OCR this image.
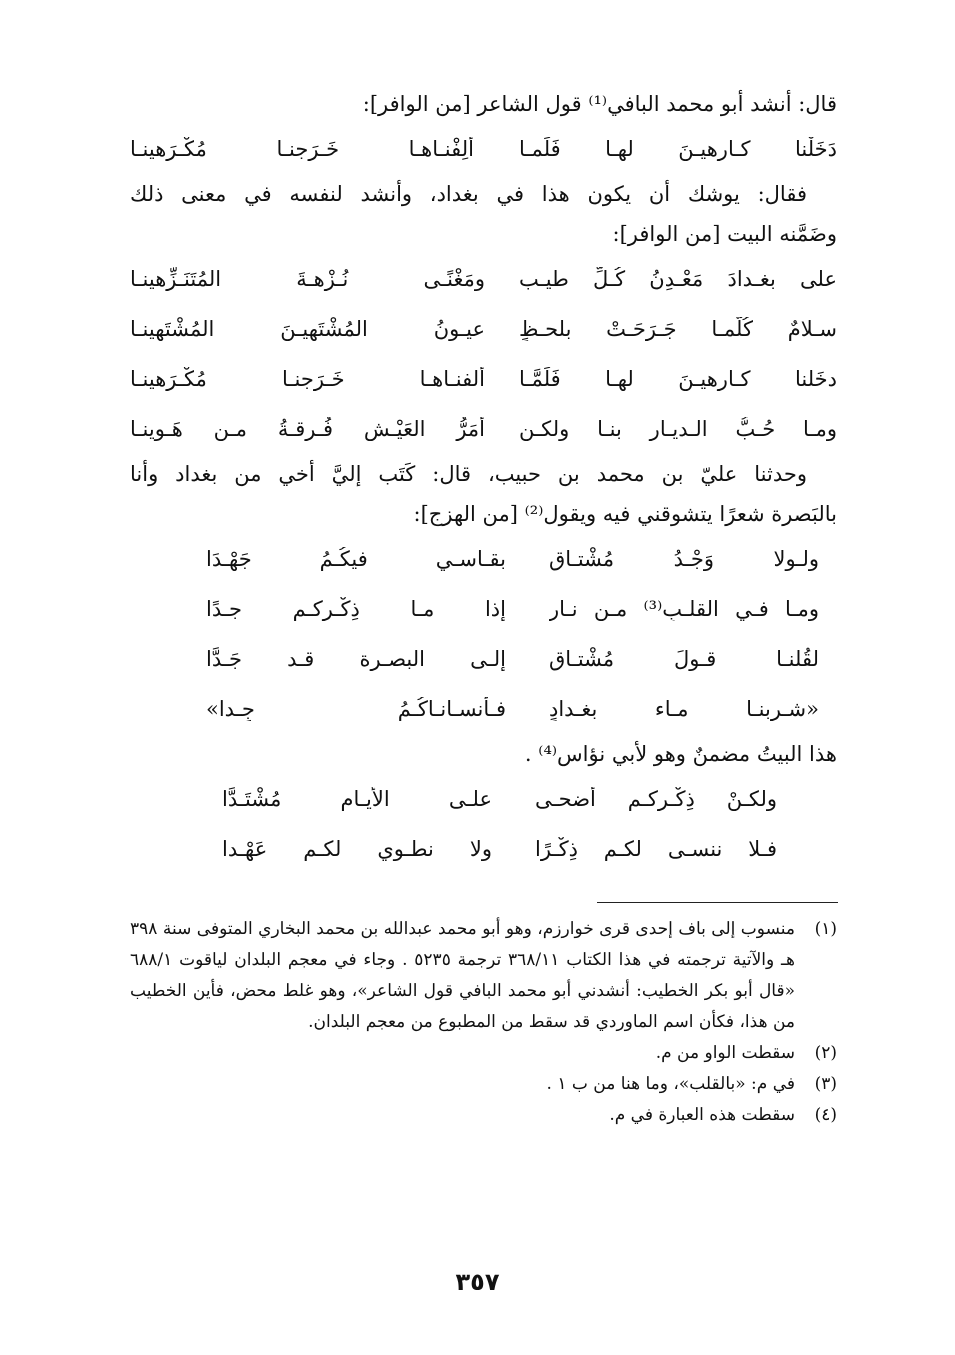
قال: أنشد أبو محمد البافي⁽¹⁾ قول الشاعر [من الوافر]:

دَخَلْنا كـارهيـنَ لهـا فَلَمـا
أَلِفْنـاهـا خَـرَجنـا مُكْـرَهينـا

فقال: يوشك أن يكون هذا في بغداد، وأنشد لنفسه في معنى ذلك

وضَمَّنه البيت [من الوافر]:

على بغـدادَ مَعْـدِنُ كُـلِّ طيـب
ومَغْنًـى نُـزْهـةَ المُتَنَـزِّهينـا
سـلامٌ كُلَّمـا جَـرَحَـتْ بلحـظٍ
عيـونُ المُشْتَهِيـنَ المُشْتَهينـا
دخَلنا كـارهيـنَ لهـا فَلَمَّـا
ألفنـاهـا خَـرَجنـا مُكْـرَهينـا
ومـا حُـبُّ الـديـار بنـا ولكـن
أَمَرُّ العَيْـشِ فُـرقـةُ مـن هَـوينـا

وحدثنا عليّ بن محمد بن حبيب، قال: كَتَب إليَّ أخي من بغداد وأنا

بالبَصرة شعرًا يتشوقني فيه ويقول⁽²⁾ [من الهزج]:

ولـولا وَجْـدُ مُشْتـاقٍ
بقـاسـي فيكُـمُ جَهْـدَا
ومـا فـي القلـبِ⁽³⁾ مـن نـار
إذا مـا ذِكْـركـم جـدًا
لقُلنـا قـولَ مُشْتـاق
إلـى البصـرة قـد جَـدًّا
«شـربنـا مـاء بغـدادٍ
فـأنسـانـاكُـمُ جِـدا»

هذا البيتُ مضمنٌ وهو لأبي نؤاس⁽⁴⁾ .

ولكـنْ ذِكْـركـم أضحـى
علـى الأيـام مُشْتَـدًّا
فـلا ننسـى لكـم ذِكْـرًا
ولا نطـوي لكـم عَهْـدا
(١)
منسوب إلى باف إحدى قرى خوارزم، وهو أبو محمد عبدالله بن محمد البخاري المتوفى سنة ٣٩٨ هـ والآتية ترجمته في هذا الكتاب ٣٦٨/١١ ترجمة ٥٢٣٥ . وجاء في معجم البلدان لياقوت ٦٨٨/١ «قال أبو بكر الخطيب: أنشدني أبو محمد البافي قول الشاعر»، وهو غلط محض، فأين الخطيب من هذا، فكأن اسم الماوردي قد سقط من المطبوع من معجم البلدان.
(٢)
سقطت الواو من م.
(٣)
في م: «بالقلب»، وما هنا من ب ١ .
(٤)
سقطت هذه العبارة في م.
٣٥٧
